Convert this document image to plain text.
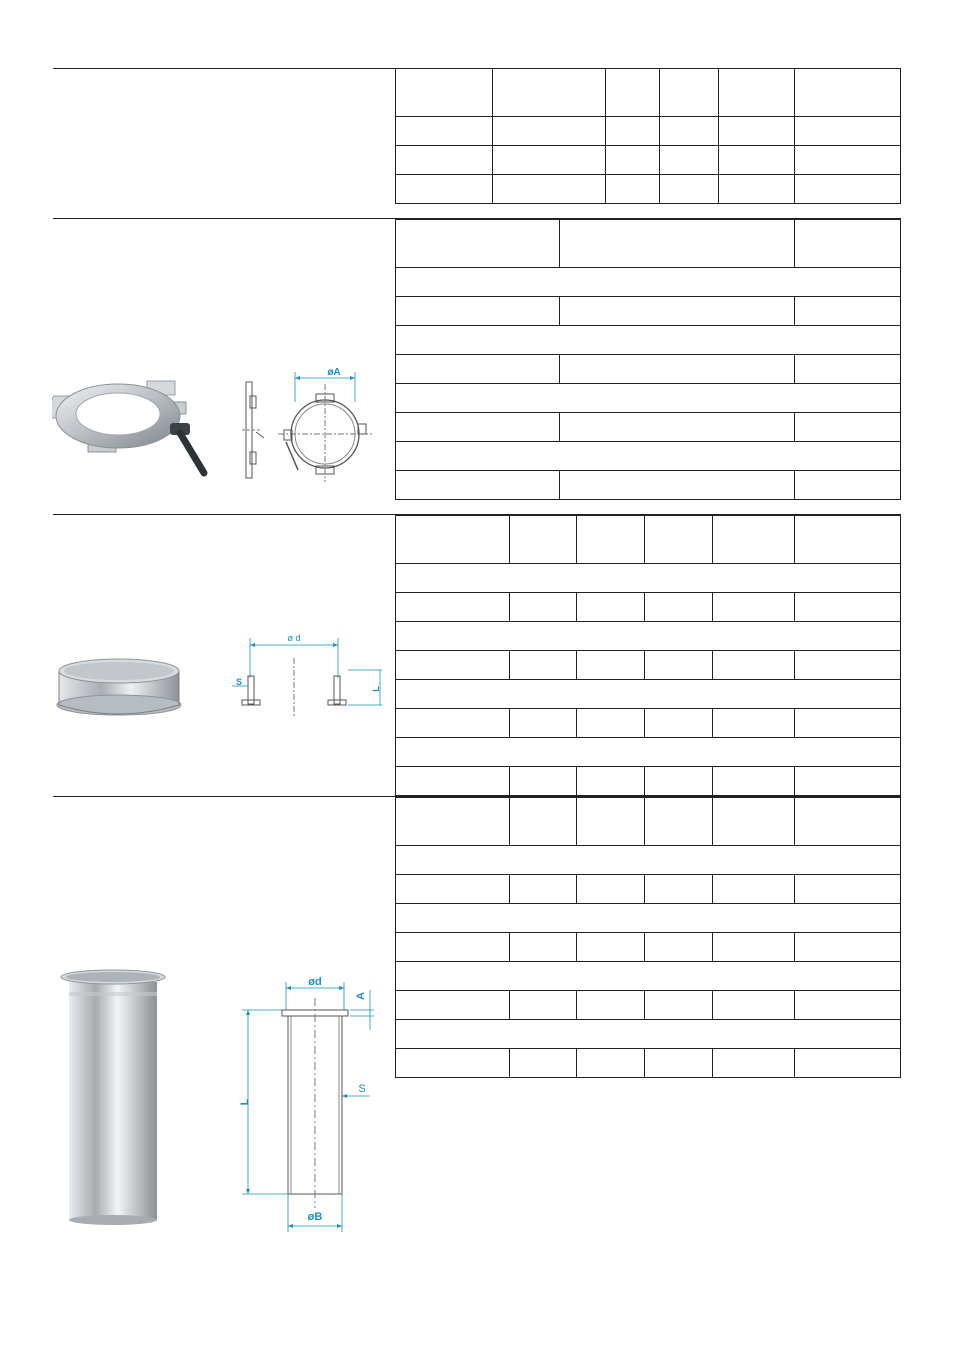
øA
ø d
S
L
ød
A
S
L
øB
